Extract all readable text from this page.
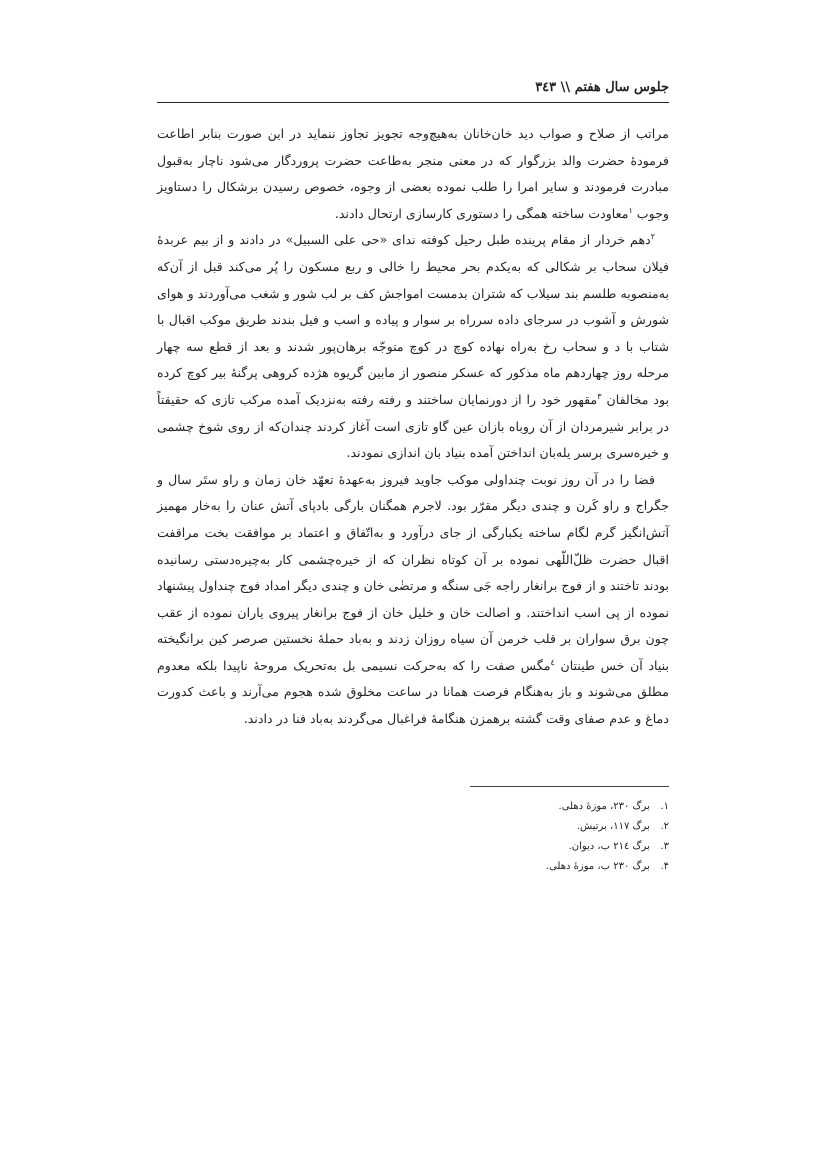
جلوس سال هفتم \\ ٣٤٣

مراتب از صلاح و صواب دید خان‌خانان به‌هیچ‌وجه تجویز تجاوز ننماید در این صورت بنابر اطاعت فرمودۀ حضرت والد بزرگوار که در معنی منجر به‌طاعت حضرت پروردگار می‌شود ناچار به‌قبول مبادرت فرمودند و سایر امرا را طلب نموده بعضی از وجوه، خصوص رسیدن برشکال را دستاویز وجوب $^١$معاودت ساخته همگی را دستوری کارسازی ارتحال دادند.

$^٢$دهم خردار از مقام پرینده طبل رحیل کوفته ندای «حی علی السبیل» در دادند و از بیم عربدۀ فیلان سحاب بر شکالی که به‌یکدم بحر محیط را خالی و ربع مسکون را پُر می‌کند قبل از آن‌که به‌منصوبه طلسم بند سیلاب که شتران بدمست امواجش کف بر لب شور و شغب می‌آوردند و هوای شورش و آشوب در سرجای داده سرراه بر سوار و پیاده و اسب و فیل بندند طریق موکب اقبال با شتاب با د و سحاب رخ به‌راه نهاده کوچ در کوچ متوجّه برهان‌پور شدند و بعد از قطع سه چهار مرحله روز چهاردهم ماه مذکور که عسکر منصور از مابین گریوه هژده کروهی پرگنۀ بیر کوچ کرده بود مخالفان $^٣$مقهور خود را از دورنمایان ساختند و رفته رفته به‌نزدیک آمده مرکب تازی که حقیقتاً در برابر شیرمردان از آن روباه بازان عین گاو تازی است آغاز کردند چندان‌که از روی شوخ چشمی و خیره‌سری برسر یله‌بان انداختن آمده بنیاد بان اندازی نمودند.

قضا را در آن روز نوبت چنداولی موکب جاوید فیروز به‌عهدۀ تعهّد خان زمان و راو ستَر سال و جگراج و راو کَرن و چندی دیگر مقرّر بود. لاجرم همگنان بارگی بادپای آتش عنان را به‌خار مهمیز آتش‌انگیز گرم لگام ساخته یکبارگی از جای درآورد و به‌اتّفاق و اعتماد بر موافقت بخت مراقفت اقبال حضرت ظلّ‌اللّهی نموده بر آن کوتاه نظران که از خیره‌چشمی کار به‌چیره‌دستی رسانیده بودند تاختند و از فوج برانغار راجه جَی سنگه و مرتضٰی خان و چندی دیگر امداد فوج چنداول پیشنهاد نموده از پی اسب انداختند. و اصالت خان و خلیل خان از فوج برانغار پیروی یاران نموده از عقب چون برق سواران بر قلب خرمن آن سیاه روزان زدند و به‌باد حملۀ نخستین صرصر کین برانگیخته بنیاد آن خس طینتان $^٤$مگس صفت را که به‌حرکت نسیمی بل به‌تحریک مروحۀ ناپیدا بلکه معدوم مطلق می‌شوند و باز به‌هنگام فرصت همانا در ساعت مخلوق شده هجوم می‌آرند و باعث کدورت دماغ و عدم صفای وقت گشته برهمزن هنگامۀ فراغبال می‌گردند به‌باد فنا در دادند.

١. برگ ٢٣٠، موزۀ دهلی.
٢. برگ ١١٧، برتیش.
٣. برگ ٢١٤ ب، دیوان.
۴. برگ ٢٣٠ ب، موزۀ دهلی.
